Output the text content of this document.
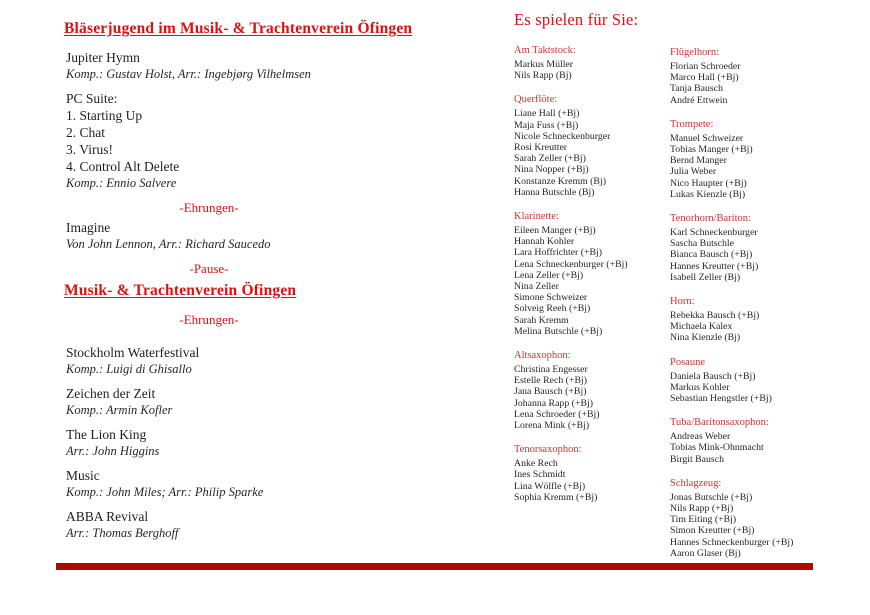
Bläserjugend im Musik- & Trachtenverein Öfingen
Jupiter Hymn
Komp.: Gustav Holst, Arr.: Ingebjørg Vilhelmsen
PC Suite:
1. Starting Up
2. Chat
3. Virus!
4. Control Alt Delete
Komp.: Ennio Salvere
-Ehrungen-
Imagine
Von John Lennon, Arr.: Richard Saucedo
-Pause-
Musik- & Trachtenverein Öfingen
-Ehrungen-
Stockholm Waterfestival
Komp.: Luigi di Ghisallo
Zeichen der Zeit
Komp.: Armin Kofler
The Lion King
Arr.: John Higgins
Music
Komp.: John Miles; Arr.: Philip Sparke
ABBA Revival
Arr.: Thomas Berghoff
Es spielen für Sie:
Am Taktstock:
Markus Müller
Nils Rapp (Bj)
Querflöte:
Liane Hall (+Bj)
Maja Fuss (+Bj)
Nicole Schneckenburger
Rosi Kreutter
Sarah Zeller (+Bj)
Nina Nopper (+Bj)
Konstanze Kremm (Bj)
Hanna Butschle (Bj)
Klarinette:
Eileen Manger (+Bj)
Hannah Kohler
Lara Hoffrichter (+Bj)
Lena Schneckenburger (+Bj)
Lena Zeller (+Bj)
Nina Zeller
Simone Schweizer
Solveig Reeh (+Bj)
Sarah Kremm
Melina Butschle (+Bj)
Altsaxophon:
Christina Engesser
Estelle Rech (+Bj)
Jana Bausch (+Bj)
Johanna Rapp (+Bj)
Lena Schroeder (+Bj)
Lorena Mink (+Bj)
Tenorsaxophon:
Anke Rech
Ines Schmidt
Lina Wölfle (+Bj)
Sophia Kremm (+Bj)
Flügelhorn:
Florian Schroeder
Marco Hall (+Bj)
Tanja Bausch
André Ettwein
Trompete:
Manuel Schweizer
Tobias Manger (+Bj)
Bernd Manger
Julia Weber
Nico Haupter (+Bj)
Lukas Kienzle (Bj)
Tenorhorn/Bariton:
Karl Schneckenburger
Sascha Butschle
Bianca Bausch (+Bj)
Hannes Kreutter (+Bj)
Isabell Zeller (Bj)
Horn:
Rebekka Bausch (+Bj)
Michaela Kalex
Nina Kienzle (Bj)
Posaune
Daniela Bausch (+Bj)
Markus Kohler
Sebastian Hengstler (+Bj)
Tuba/Baritonsaxophon:
Andreas Weber
Tobias Mink-Ohnmacht
Birgit Bausch
Schlagzeug:
Jonas Butschle (+Bj)
Nils Rapp (+Bj)
Tim Eiting (+Bj)
Simon Kreutter (+Bj)
Hannes Schneckenburger (+Bj)
Aaron Glaser (Bj)
